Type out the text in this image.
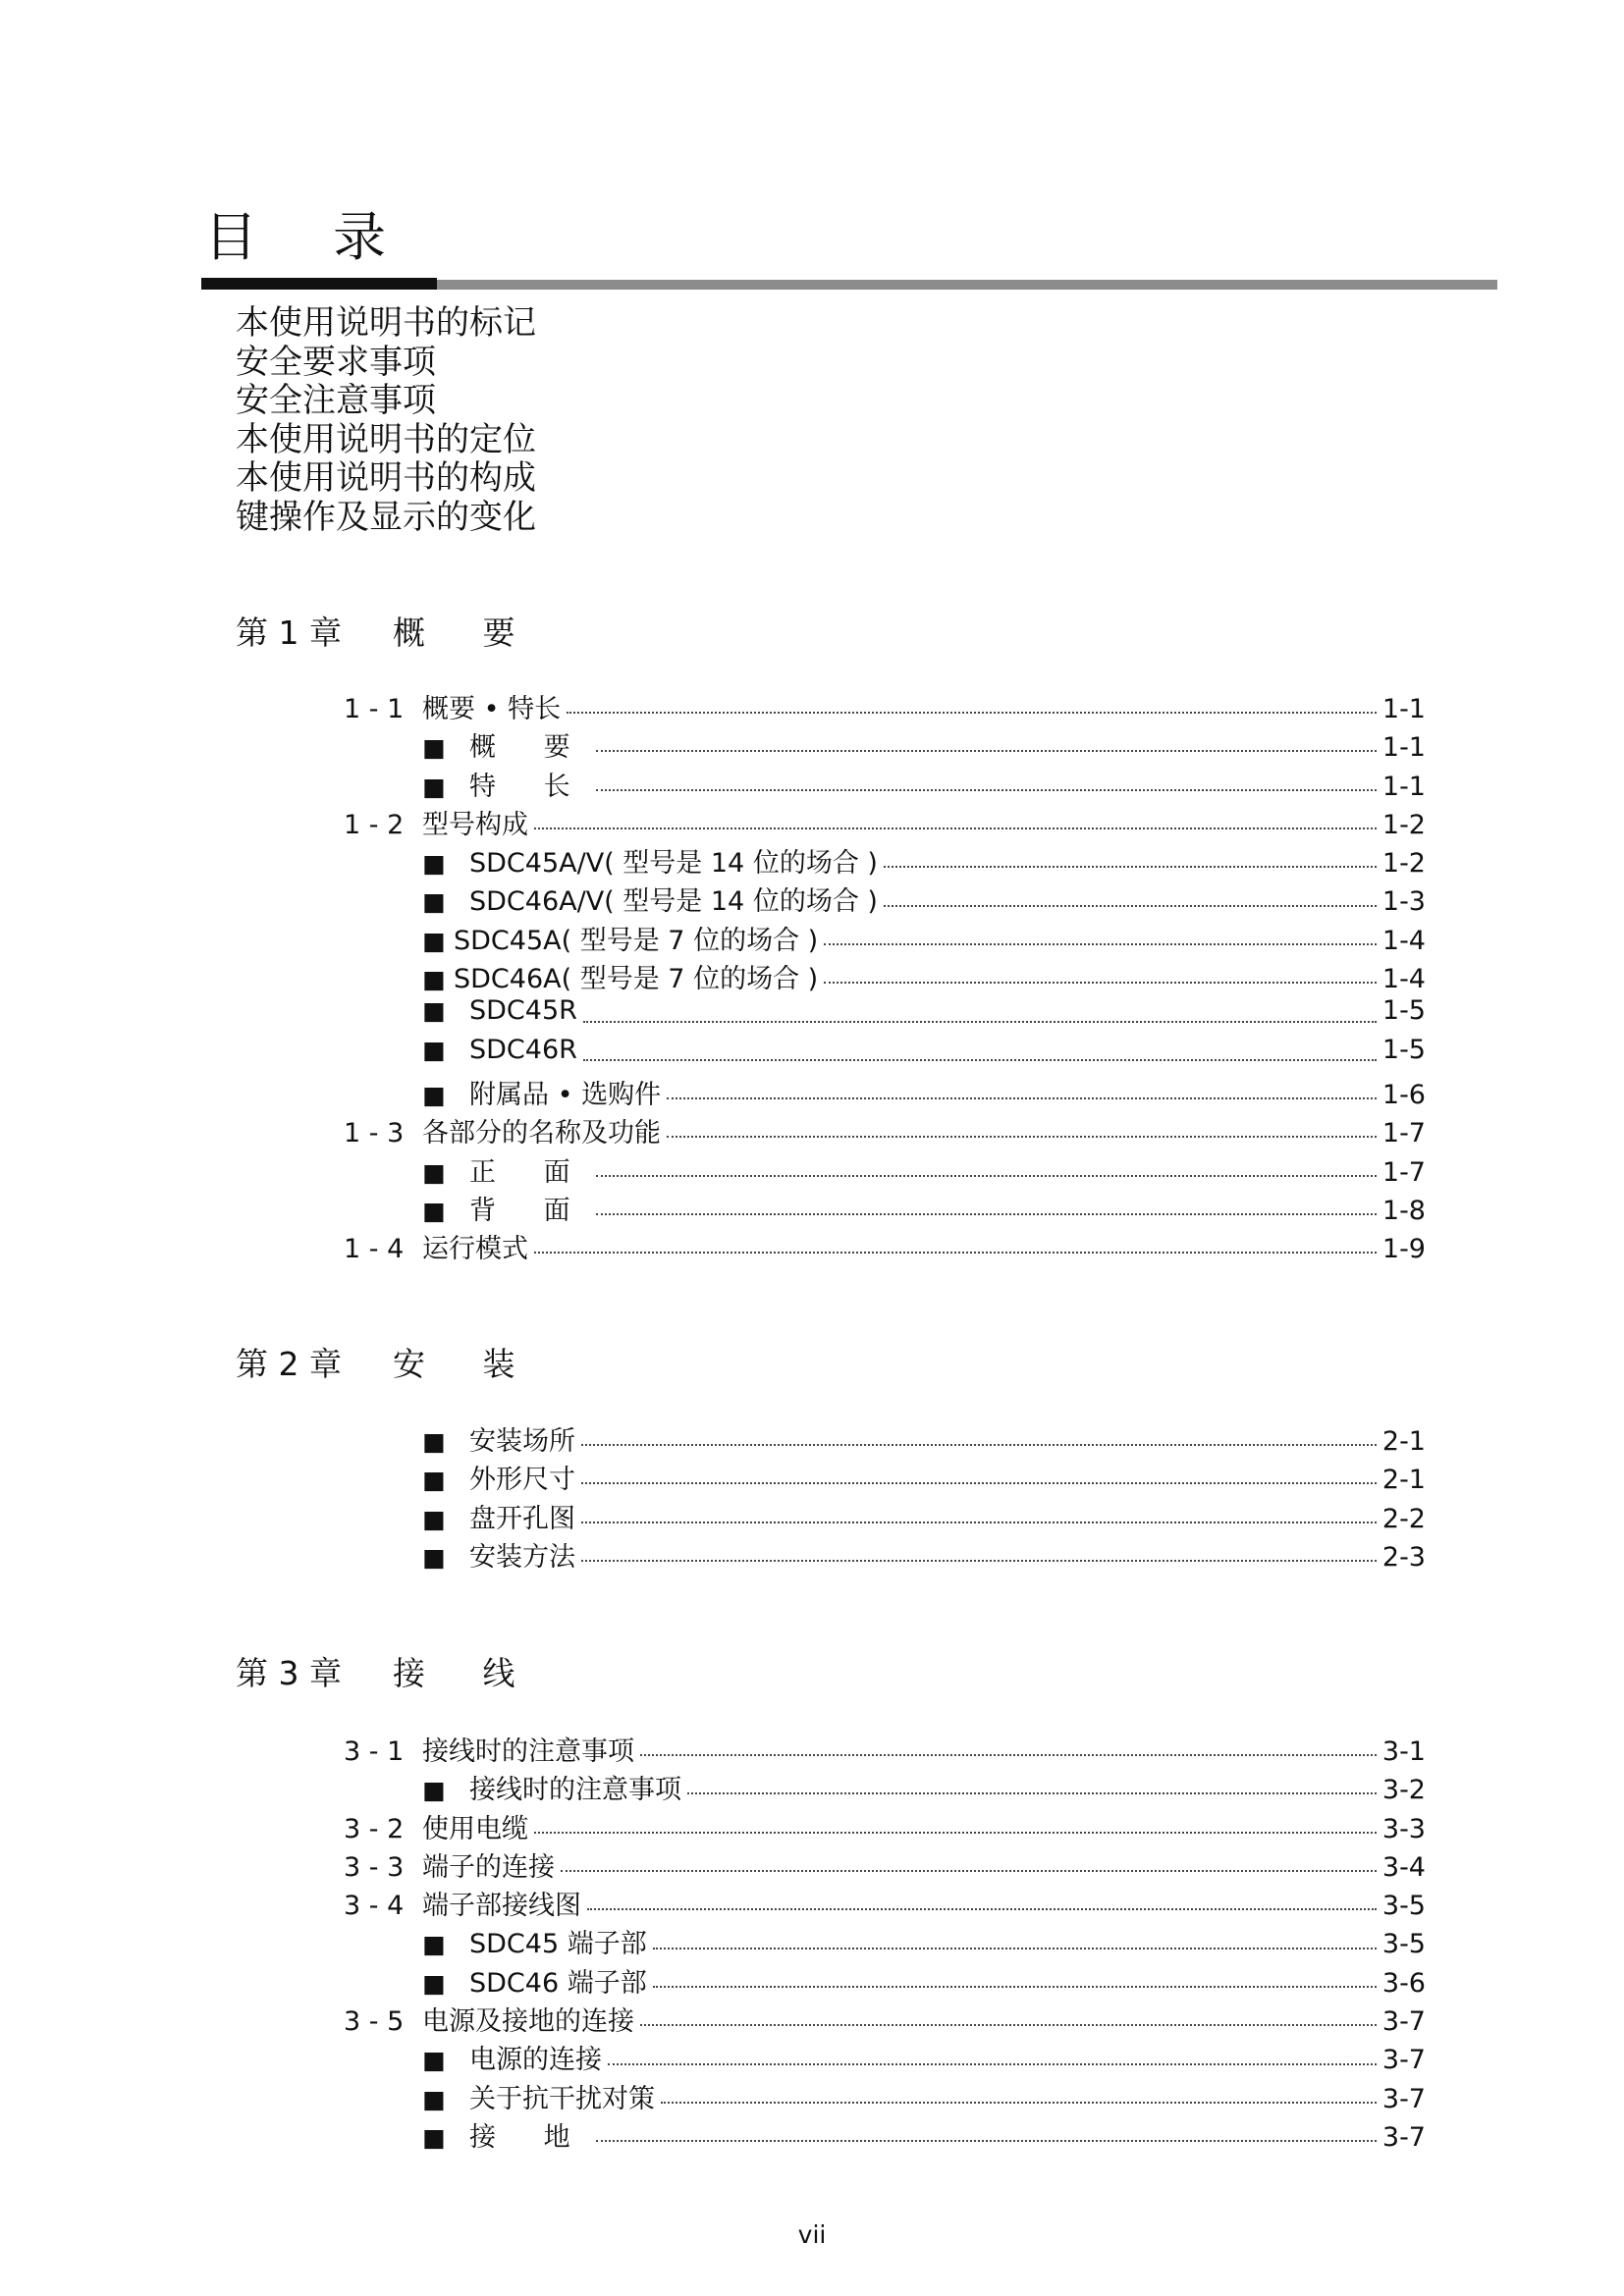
目 录
本使用说明书的标记
安全要求事项
安全注意事项
本使用说明书的定位
本使用说明书的构成
键操作及显示的变化
第 1 章 概 要
第 2 章 安 装
第 3 章 接 线
1 - 1 概要 • 特长	1-1
■ 概 要	1-1
■ 特 长	1-1
1 - 2 型号构成	1-2
■ SDC45A/V( 型号是 14 位的场合 )	1-2
■ SDC46A/V( 型号是 14 位的场合 )	1-3
■ SDC45A( 型号是 7 位的场合 )	1-4
■ SDC46A( 型号是 7 位的场合 )	1-4
■ SDC45R	1-5
■ SDC46R	1-5
■ 附属品 • 选购件	1-6
1 - 3 各部分的名称及功能	1-7
■ 正 面	1-7
■ 背 面	1-8
1 - 4 运行模式	1-9
■ 安装场所	2-1
■ 外形尺寸	2-1
■ 盘开孔图	2-2
■ 安装方法	2-3
3 - 1 接线时的注意事项	3-1
■ 接线时的注意事项	3-2
3 - 2 使用电缆	3-3
3 - 3 端子的连接	3-4
3 - 4 端子部接线图	3-5
■ SDC45 端子部	3-5
■ SDC46 端子部	3-6
3 - 5 电源及接地的连接	3-7
■ 电源的连接	3-7
■ 关于抗干扰对策	3-7
■ 接 地	3-7
vii
